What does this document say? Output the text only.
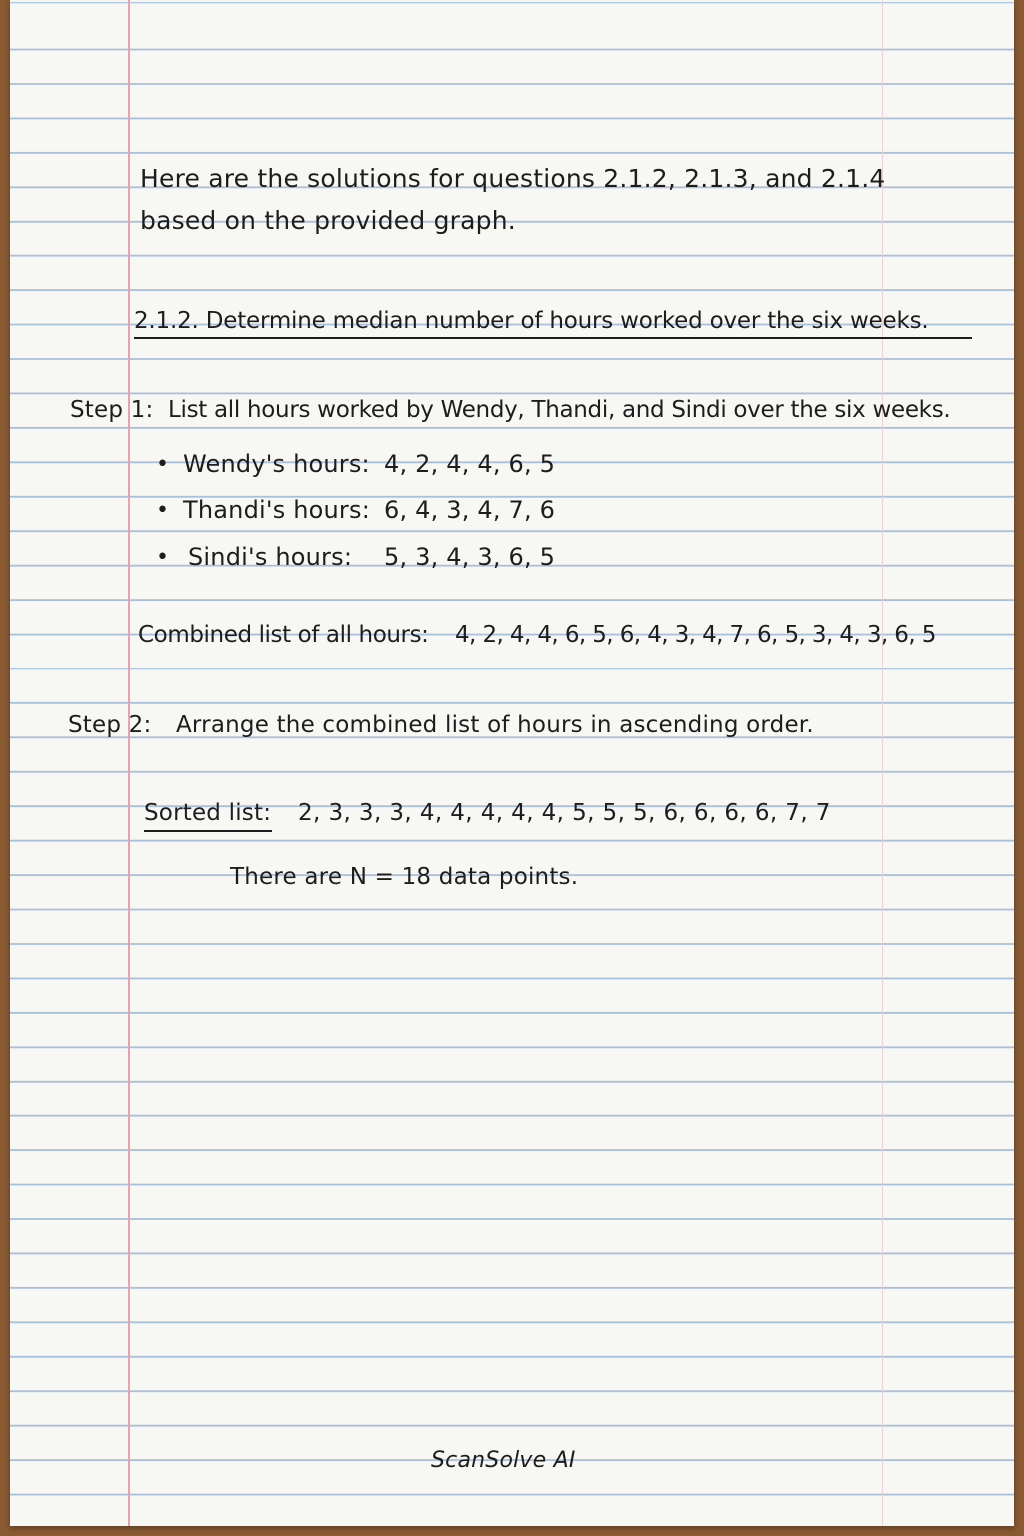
Here are the solutions for questions 2.1.2, 2.1.3, and 2.1.4
based on the provided graph.
2.1.2. Determine median number of hours worked over the six weeks.
Step 1: List all hours worked by Wendy, Thandi, and Sindi over the six weeks.
• Wendy's hours: 4, 2, 4, 4, 6, 5
• Thandi's hours: 6, 4, 3, 4, 7, 6
• Sindi's hours: 5, 3, 4, 3, 6, 5
Combined list of all hours: 4, 2, 4, 4, 6, 5, 6, 4, 3, 4, 7, 6, 5, 3, 4, 3, 6, 5
Step 2: Arrange the combined list of hours in ascending order.
Sorted list: 2, 3, 3, 3, 4, 4, 4, 4, 4, 5, 5, 5, 6, 6, 6, 6, 7, 7
There are N = 18 data points.
ScanSolve AI
